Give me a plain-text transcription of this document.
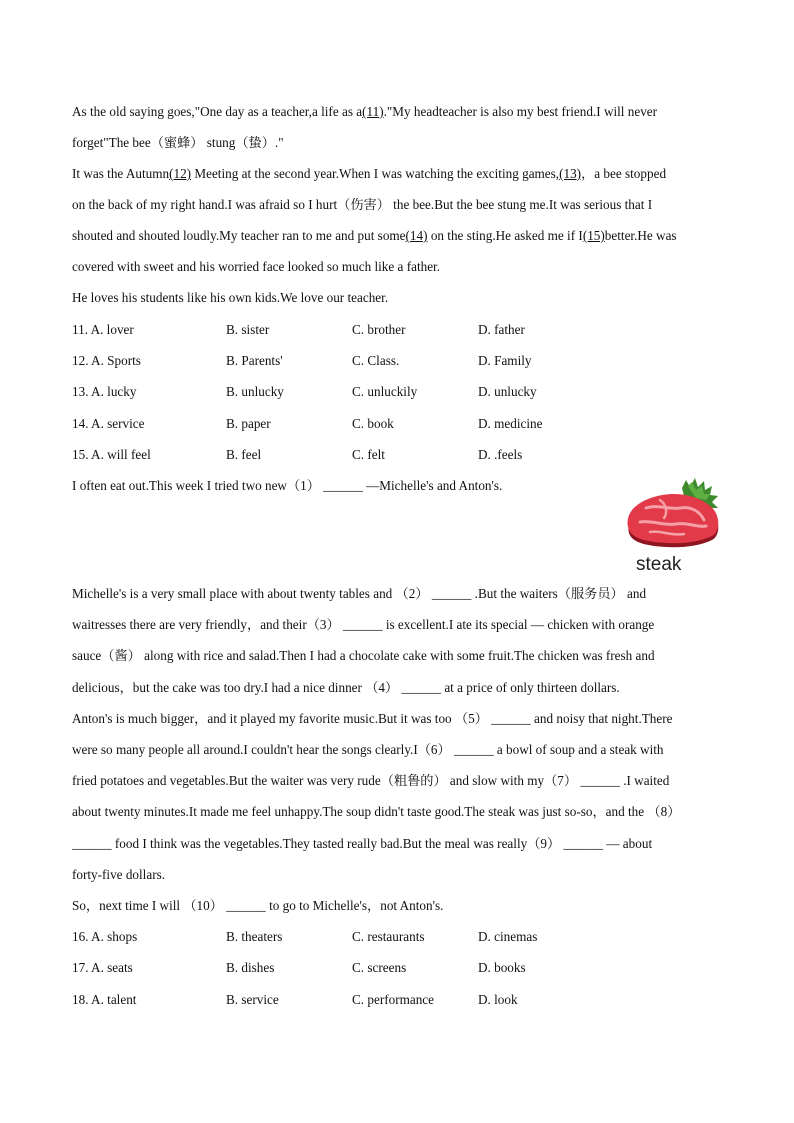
As the old saying goes,"One day as a teacher,a life as a(11)."My headteacher is also my best friend.I will never
forget"The bee（蜜蜂） stung（蛰）."
It was the Autumn(12) Meeting at the second year.When I was watching the exciting games,(13)，a bee stopped
on the back of my right hand.I was afraid so I hurt（伤害） the bee.But the bee stung me.It was serious that I
shouted and shouted loudly.My teacher ran to me and put some(14) on the sting.He asked me if I(15)better.He was
covered with sweet and his worried face looked so much like a father.
He loves his students like his own kids.We love our teacher.
11. A. lover	B. sister	C. brother	D. father
12. A. Sports	B. Parents'	C. Class.	D. Family
13. A. lucky	B. unlucky	C. unluckily	D. unlucky
14. A. service	B. paper	C. book	D. medicine
15. A. will feel	B. feel	C. felt	D. .feels
I often eat out.This week I tried two new（1） ______ —Michelle's and Anton's.
steak
Michelle's is a very small place with about twenty tables and （2） ______ .But the waiters（服务员） and
waitresses there are very friendly，and their（3） ______ is excellent.I ate its special — chicken with orange
sauce（酱） along with rice and salad.Then I had a chocolate cake with some fruit.The chicken was fresh and
delicious，but the cake was too dry.I had a nice dinner （4） ______ at a price of only thirteen dollars.
Anton's is much bigger，and it played my favorite music.But it was too （5） ______ and noisy that night.There
were so many people all around.I couldn't hear the songs clearly.I（6） ______ a bowl of soup and a steak with
fried potatoes and vegetables.But the waiter was very rude（粗鲁的） and slow with my（7） ______ .I waited
about twenty minutes.It made me feel unhappy.The soup didn't taste good.The steak was just so-so，and the （8）
______ food I think was the vegetables.They tasted really bad.But the meal was really（9） ______ — about
forty-five dollars.
So，next time I will （10） ______ to go to Michelle's，not Anton's.
16. A. shops	B. theaters	C. restaurants	D. cinemas
17. A. seats	B. dishes	C. screens	D. books
18. A. talent	B. service	C. performance	D. look
